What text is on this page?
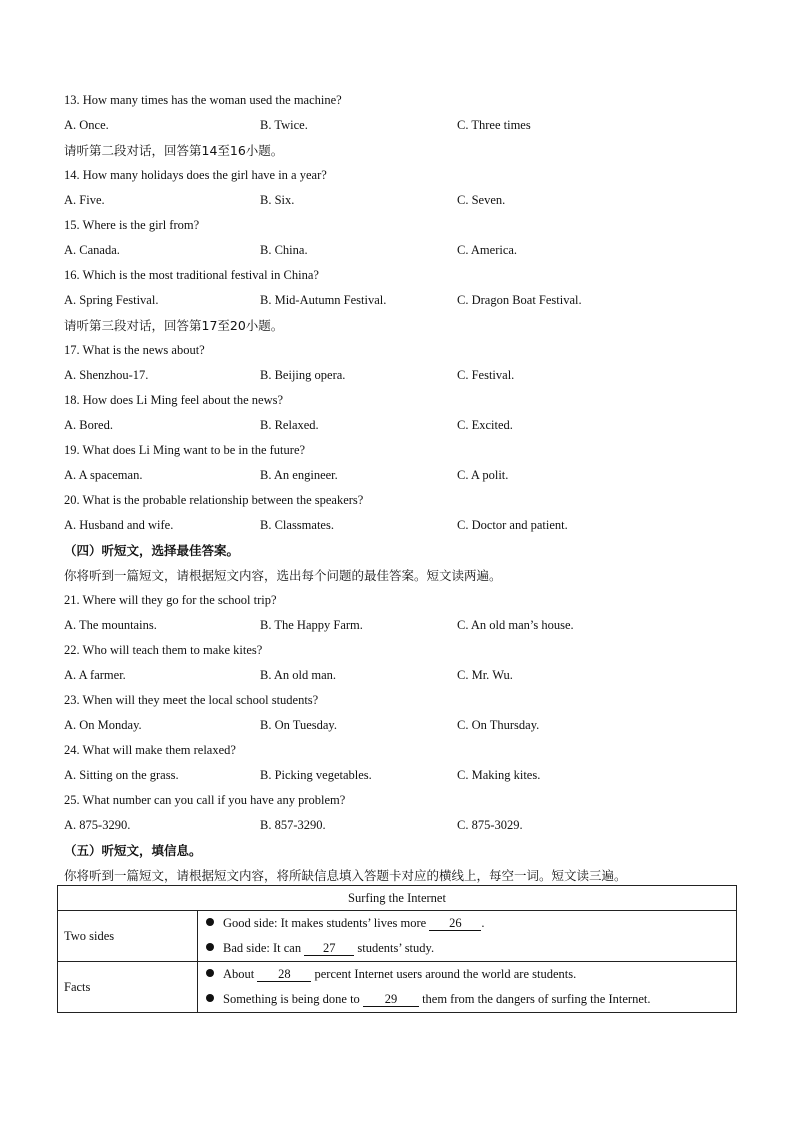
13. How many times has the woman used the machine?
A. Once.	B. Twice.	C. Three times
请听第二段对话，回答第14至16小题。
14. How many holidays does the girl have in a year?
A. Five.	B. Six.	C. Seven.
15. Where is the girl from?
A. Canada.	B. China.	C. America.
16. Which is the most traditional festival in China?
A. Spring Festival.	B. Mid-Autumn Festival.	C. Dragon Boat Festival.
请听第三段对话，回答第17至20小题。
17. What is the news about?
A. Shenzhou-17.	B. Beijing opera.	C. Festival.
18. How does Li Ming feel about the news?
A. Bored.	B. Relaxed.	C. Excited.
19. What does Li Ming want to be in the future?
A. A spaceman.	B. An engineer.	C. A polit.
20. What is the probable relationship between the speakers?
A. Husband and wife.	B. Classmates.	C. Doctor and patient.
（四）听短文，选择最佳答案。
你将听到一篇短文，请根据短文内容，选出每个问题的最佳答案。短文读两遍。
21. Where will they go for the school trip?
A. The mountains.	B. The Happy Farm.	C. An old man’s house.
22. Who will teach them to make kites?
A. A farmer.	B. An old man.	C. Mr. Wu.
23. When will they meet the local school students?
A. On Monday.	B. On Tuesday.	C. On Thursday.
24. What will make them relaxed?
A. Sitting on the grass.	B. Picking vegetables.	C. Making kites.
25. What number can you call if you have any problem?
A. 875-3290.	B. 857-3290.	C. 875-3029.
（五）听短文，填信息。
你将听到一篇短文，请根据短文内容，将所缺信息填入答题卡对应的横线上，每空一词。短文读三遍。
Surfing the Internet	
Two sides	Good side: It makes students’ lives more 26 .
Bad side: It can 27 students’ study.

Facts	About 28 percent Internet users around the world are students.
Something is being done to 29 them from the dangers of surfing the Internet.
